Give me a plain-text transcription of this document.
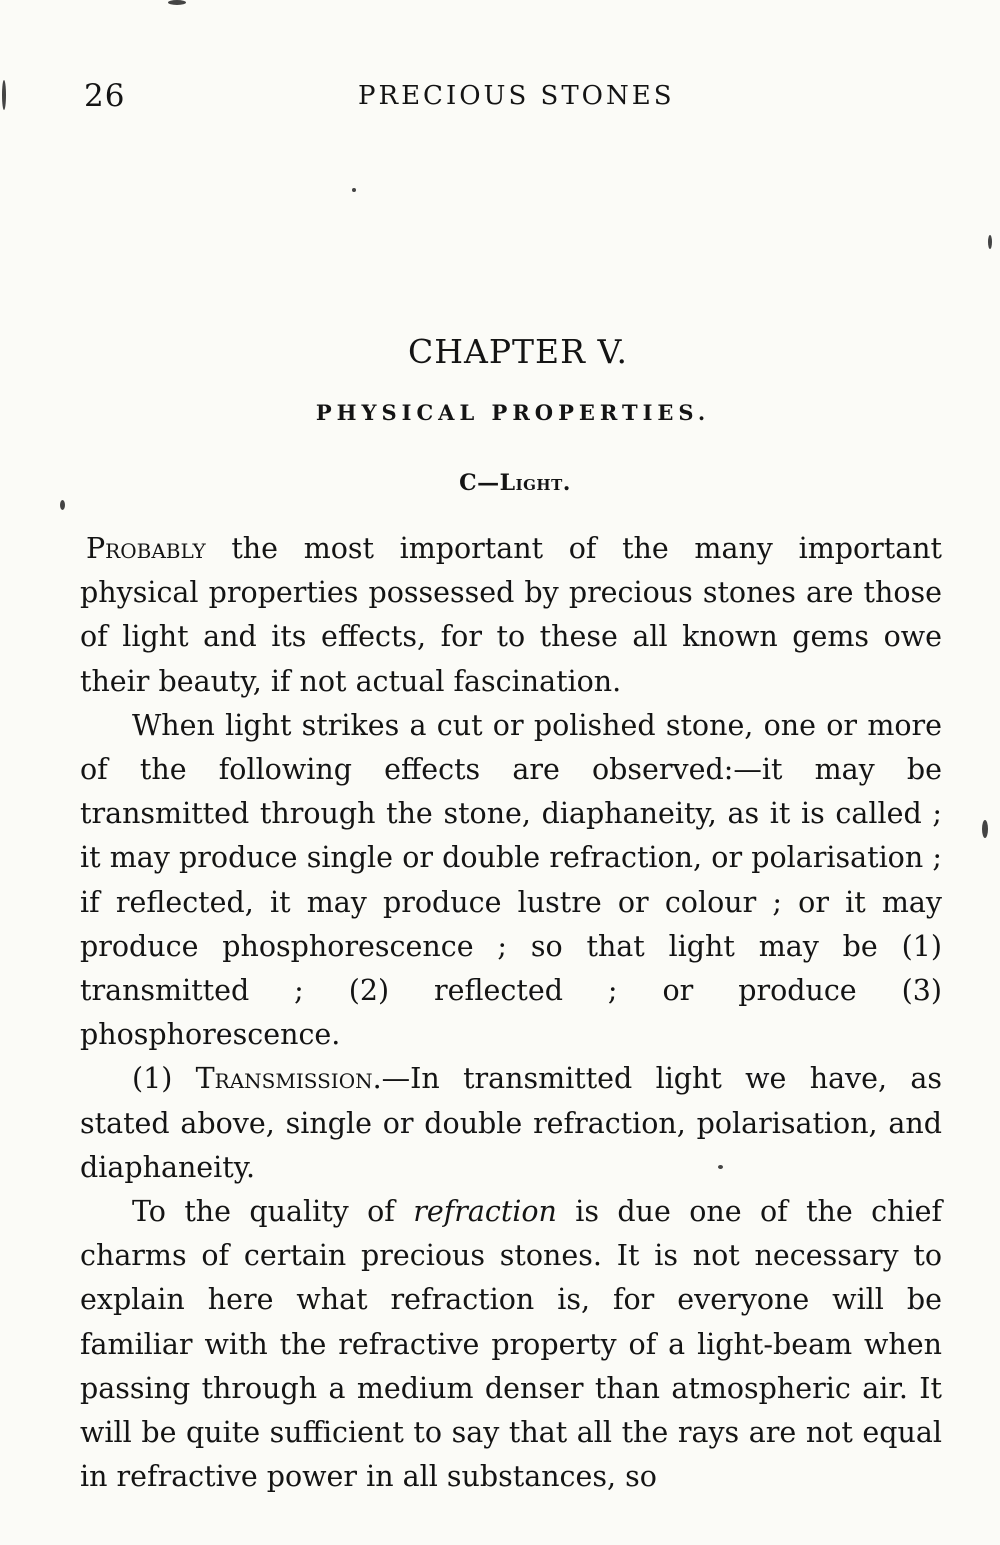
26	PRECIOUS STONES
CHAPTER V.
PHYSICAL PROPERTIES.
C—Light.

Probably the most important of the many important physical properties possessed by precious stones are those of light and its effects, for to these all known gems owe their beauty, if not actual fascination.

When light strikes a cut or polished stone, one or more of the following effects are observed:—it may be transmitted through the stone, diaphaneity, as it is called ; it may produce single or double refraction, or polarisation ; if reflected, it may produce lustre or colour ; or it may produce phosphorescence ; so that light may be (1) transmitted ; (2) reflected ; or produce (3) phosphorescence.

(1) Transmission.—In transmitted light we have, as stated above, single or double refraction, polarisation, and diaphaneity.

To the quality of refraction is due one of the chief charms of certain precious stones. It is not necessary to explain here what refraction is, for everyone will be familiar with the refractive property of a light-beam when passing through a medium denser than atmospheric air. It will be quite sufficient to say that all the rays are not equal in refractive power in all substances, so
